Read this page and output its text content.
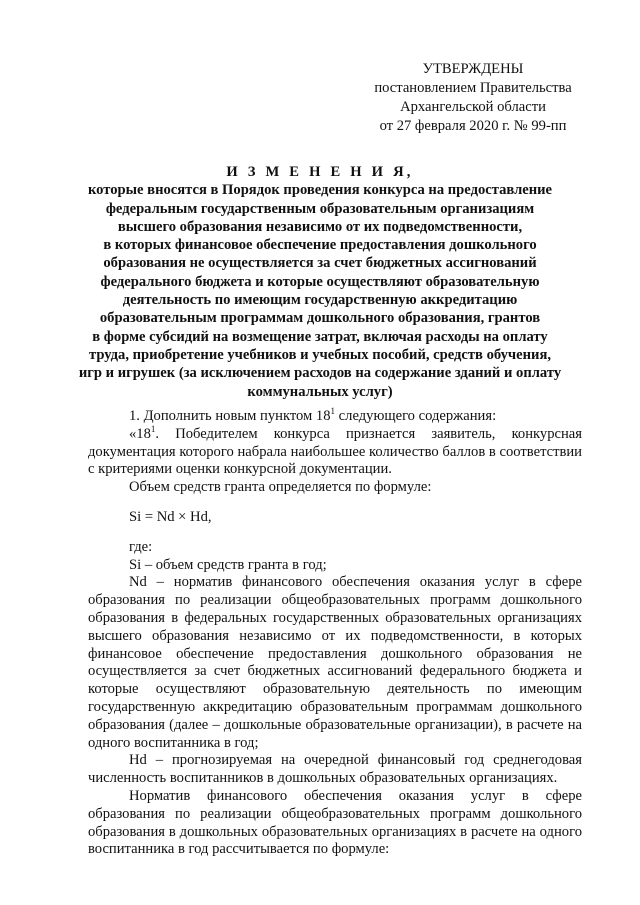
УТВЕРЖДЕНЫ
постановлением Правительства
Архангельской области
от 27 февраля 2020 г. № 99-пп
И З М Е Н Е Н И Я,
которые вносятся в Порядок проведения конкурса на предоставление
федеральным государственным образовательным организациям
высшего образования независимо от их подведомственности,
в которых финансовое обеспечение предоставления дошкольного
образования не осуществляется за счет бюджетных ассигнований
федерального бюджета и которые осуществляют образовательную
деятельность по имеющим государственную аккредитацию
образовательным программам дошкольного образования, грантов
в форме субсидий на возмещение затрат, включая расходы на оплату
труда, приобретение учебников и учебных пособий, средств обучения,
игр и игрушек (за исключением расходов на содержание зданий и оплату
коммунальных услуг)

1. Дополнить новым пунктом $18^1$ следующего содержания:

«$18^1$. Победителем конкурса признается заявитель, конкурсная документация которого набрала наибольшее количество баллов в соответствии с критериями оценки конкурсной документации.

Объем средств гранта определяется по формуле:

Si = Nd × Hd,

где:

Si – объем средств гранта в год;

Nd – норматив финансового обеспечения оказания услуг в сфере образования по реализации общеобразовательных программ дошкольного образования в федеральных государственных образовательных организациях высшего образования независимо от их подведомственности, в которых финансовое обеспечение предоставления дошкольного образования не осуществляется за счет бюджетных ассигнований федерального бюджета и которые осуществляют образовательную деятельность по имеющим государственную аккредитацию образовательным программам дошкольного образования (далее – дошкольные образовательные организации), в расчете на одного воспитанника в год;

Hd – прогнозируемая на очередной финансовый год среднегодовая численность воспитанников в дошкольных образовательных организациях.

Норматив финансового обеспечения оказания услуг в сфере образования по реализации общеобразовательных программ дошкольного образования в дошкольных образовательных организациях в расчете на одного воспитанника в год рассчитывается по формуле:
